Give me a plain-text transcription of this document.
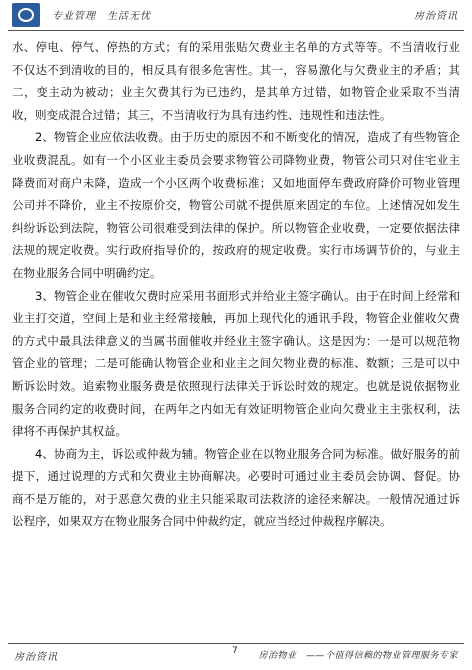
专业管理　生活无忧	房治资讯

水、停电、停气、停热的方式；有的采用张贴欠费业主名单的方式等等。不当清收行业不仅达不到清收的目的，相反具有很多危害性。其一，容易激化与欠费业主的矛盾；其二，变主动为被动；业主欠费其行为已违约，是其单方过错，如物管企业采取不当清收，则变成混合过错；其三，不当清收行为具有违约性、违规性和违法性。

2、物管企业应依法收费。由于历史的原因不和不断变化的情况，造成了有些物管企业收费混乱。如有一个小区业主委员会要求物管公司降物业费，物管公司只对住宅业主降费而对商户未降，造成一个小区两个收费标准；又如地面停车费政府降价可物业管理公司并不降价，业主不按原价交，物管公司就不提供原来固定的车位。上述情况如发生纠纷诉讼到法院，物管公司很难受到法律的保护。所以物管企业收费，一定要依据法律法规的规定收费。实行政府指导价的，按政府的规定收费。实行市场调节价的，与业主在物业服务合同中明确约定。

3、物管企业在催收欠费时应采用书面形式并给业主签字确认。由于在时间上经常和业主打交道，空间上是和业主经常接触，再加上现代化的通讯手段，物管企业催收欠费的方式中最具法律意义的当属书面催收并经业主签字确认。这是因为：一是可以规范物管企业的管理；二是可能确认物管企业和业主之间欠物业费的标准、数额；三是可以中断诉讼时效。追索物业服务费是依照现行法律关于诉讼时效的规定。也就是说依据物业服务合同约定的收费时间，在两年之内如无有效证明物管企业向欠费业主主张权利，法律将不再保护其权益。

4、协商为主，诉讼或仲裁为辅。物管企业在以物业服务合同为标准。做好服务的前提下，通过说理的方式和欠费业主协商解决。必要时可通过业主委员会协调、督促。协商不是万能的，对于恶意欠费的业主只能采取司法救济的途径来解决。一般情况通过诉讼程序，如果双方在物业服务合同中仲裁约定，就应当经过仲裁程序解决。

房治资讯
7 房治物业　——个值得信赖的物业管理服务专家
